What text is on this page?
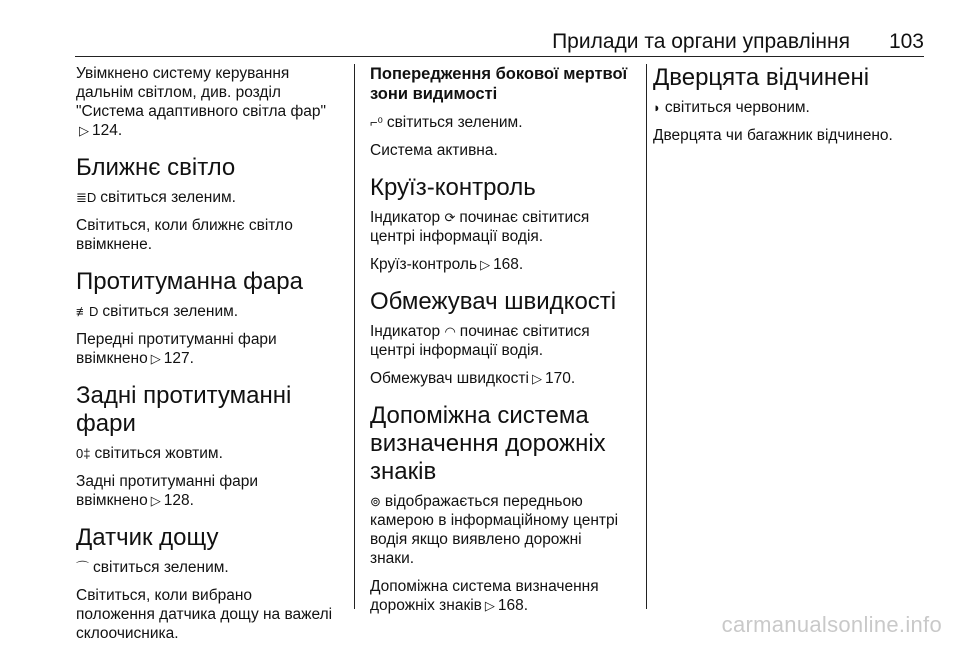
Прилади та органи управління 103

Увімкнено систему керування
дальнім світлом, див. розділ
"Система адаптивного світла фар"
▷ 124.

Ближнє світло

≣D світиться зеленим.

Світиться, коли ближнє світло
ввімкнене.

Протитуманна фара

≢D світиться зеленим.

Передні протитуманні фари
ввімкнено ▷ 127.

Задні протитуманні фари

0‡ світиться жовтим.

Задні протитуманні фари
ввімкнено ▷ 128.

Датчик дощу

⌒ світиться зеленим.

Світиться, коли вибрано
положення датчика дощу на важелі
склоочисника.

Попередження бокової мертвої
зони видимості

⌐⁰ світиться зеленим.

Система активна.

Круїз-контроль

Індикатор ⟳ починає світитися
центрі інформації водія.

Круїз-контроль ▷ 168.

Обмежувач швидкості

Індикатор ◠ починає світитися
центрі інформації водія.

Обмежувач швидкості ▷ 170.

Допоміжна система
визначення дорожніх
знаків

⊚ відображається передньою
камерою в інформаційному центрі
водія якщо виявлено дорожні
знаки.

Допоміжна система визначення
дорожніх знаків ▷ 168.

Дверцята відчинені

◗ світиться червоним.

Дверцята чи багажник відчинено.

carmanualsonline.info
